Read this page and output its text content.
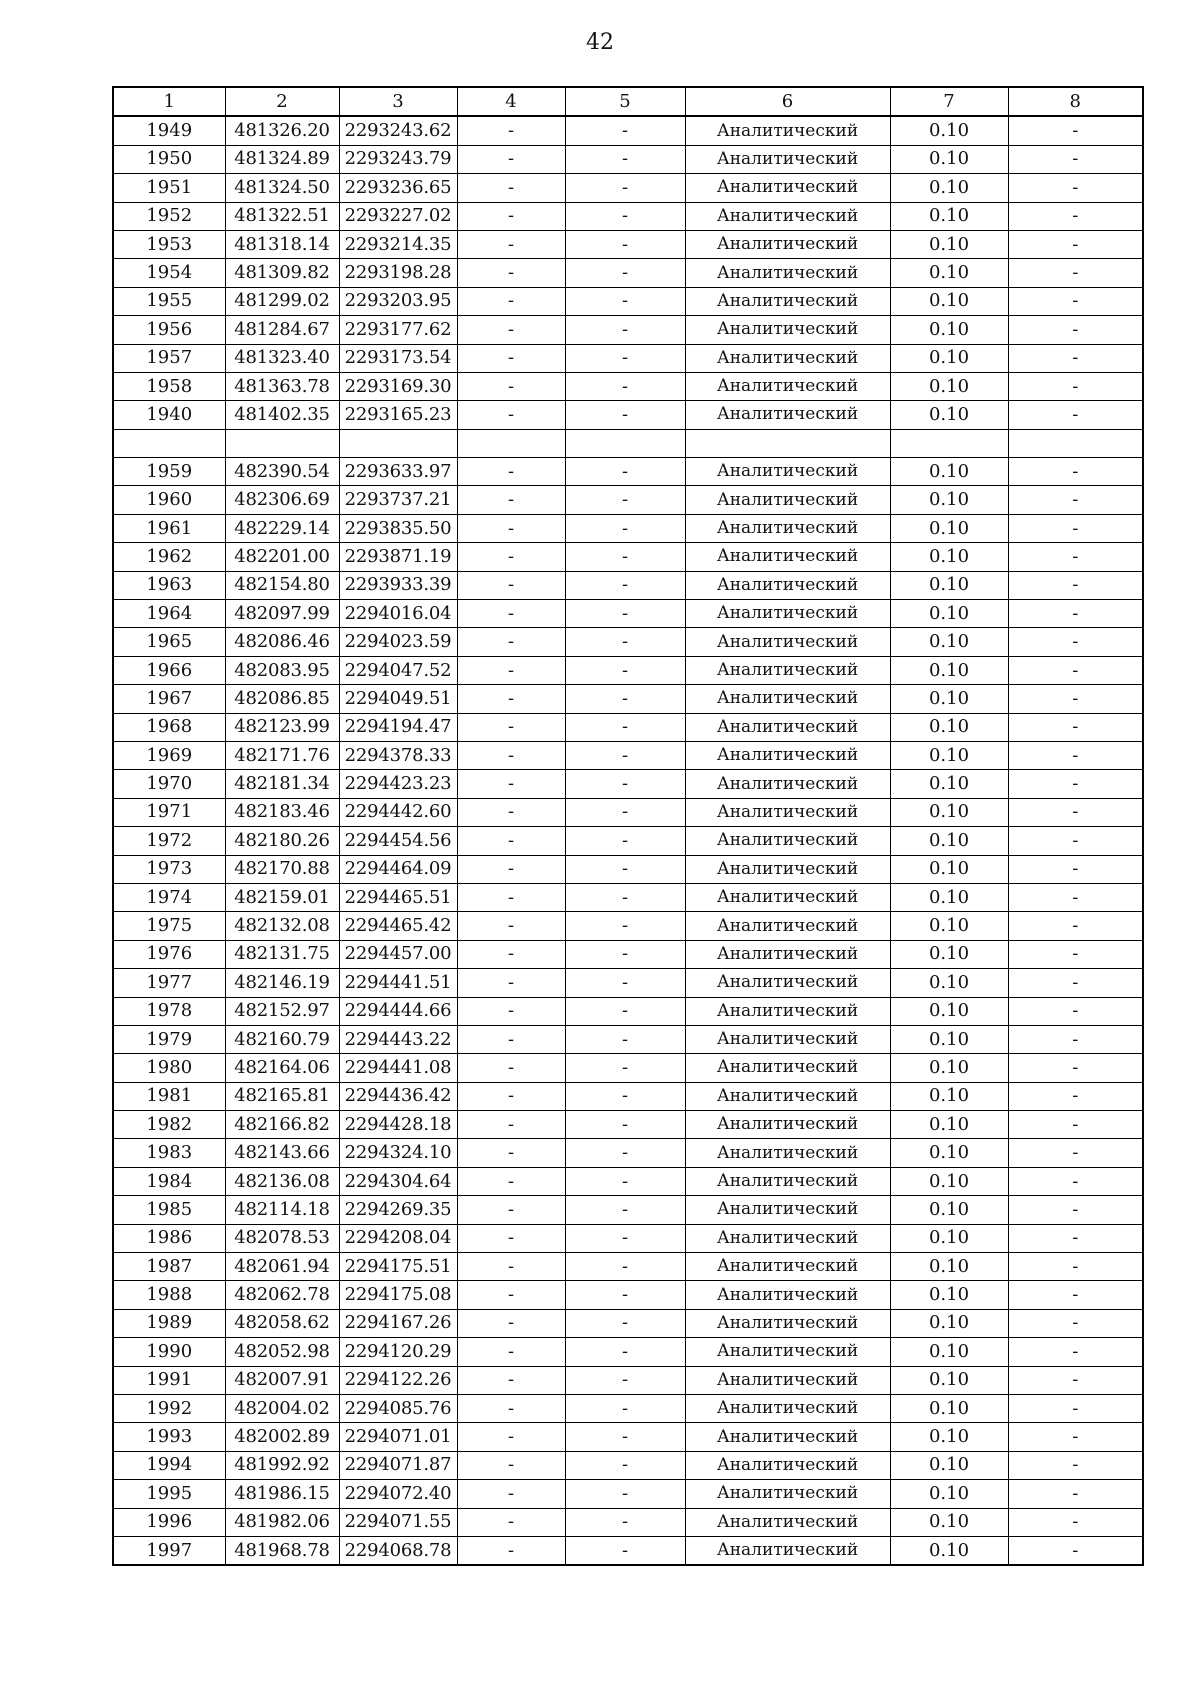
42
1	2	3	4	5	6	7	8
1949	481326.20	2293243.62	-	-	Аналитический	0.10	-
1950	481324.89	2293243.79	-	-	Аналитический	0.10	-
1951	481324.50	2293236.65	-	-	Аналитический	0.10	-
1952	481322.51	2293227.02	-	-	Аналитический	0.10	-
1953	481318.14	2293214.35	-	-	Аналитический	0.10	-
1954	481309.82	2293198.28	-	-	Аналитический	0.10	-
1955	481299.02	2293203.95	-	-	Аналитический	0.10	-
1956	481284.67	2293177.62	-	-	Аналитический	0.10	-
1957	481323.40	2293173.54	-	-	Аналитический	0.10	-
1958	481363.78	2293169.30	-	-	Аналитический	0.10	-
1940	481402.35	2293165.23	-	-	Аналитический	0.10	-

1959	482390.54	2293633.97	-	-	Аналитический	0.10	-
1960	482306.69	2293737.21	-	-	Аналитический	0.10	-
1961	482229.14	2293835.50	-	-	Аналитический	0.10	-
1962	482201.00	2293871.19	-	-	Аналитический	0.10	-
1963	482154.80	2293933.39	-	-	Аналитический	0.10	-
1964	482097.99	2294016.04	-	-	Аналитический	0.10	-
1965	482086.46	2294023.59	-	-	Аналитический	0.10	-
1966	482083.95	2294047.52	-	-	Аналитический	0.10	-
1967	482086.85	2294049.51	-	-	Аналитический	0.10	-
1968	482123.99	2294194.47	-	-	Аналитический	0.10	-
1969	482171.76	2294378.33	-	-	Аналитический	0.10	-
1970	482181.34	2294423.23	-	-	Аналитический	0.10	-
1971	482183.46	2294442.60	-	-	Аналитический	0.10	-
1972	482180.26	2294454.56	-	-	Аналитический	0.10	-
1973	482170.88	2294464.09	-	-	Аналитический	0.10	-
1974	482159.01	2294465.51	-	-	Аналитический	0.10	-
1975	482132.08	2294465.42	-	-	Аналитический	0.10	-
1976	482131.75	2294457.00	-	-	Аналитический	0.10	-
1977	482146.19	2294441.51	-	-	Аналитический	0.10	-
1978	482152.97	2294444.66	-	-	Аналитический	0.10	-
1979	482160.79	2294443.22	-	-	Аналитический	0.10	-
1980	482164.06	2294441.08	-	-	Аналитический	0.10	-
1981	482165.81	2294436.42	-	-	Аналитический	0.10	-
1982	482166.82	2294428.18	-	-	Аналитический	0.10	-
1983	482143.66	2294324.10	-	-	Аналитический	0.10	-
1984	482136.08	2294304.64	-	-	Аналитический	0.10	-
1985	482114.18	2294269.35	-	-	Аналитический	0.10	-
1986	482078.53	2294208.04	-	-	Аналитический	0.10	-
1987	482061.94	2294175.51	-	-	Аналитический	0.10	-
1988	482062.78	2294175.08	-	-	Аналитический	0.10	-
1989	482058.62	2294167.26	-	-	Аналитический	0.10	-
1990	482052.98	2294120.29	-	-	Аналитический	0.10	-
1991	482007.91	2294122.26	-	-	Аналитический	0.10	-
1992	482004.02	2294085.76	-	-	Аналитический	0.10	-
1993	482002.89	2294071.01	-	-	Аналитический	0.10	-
1994	481992.92	2294071.87	-	-	Аналитический	0.10	-
1995	481986.15	2294072.40	-	-	Аналитический	0.10	-
1996	481982.06	2294071.55	-	-	Аналитический	0.10	-
1997	481968.78	2294068.78	-	-	Аналитический	0.10	-
